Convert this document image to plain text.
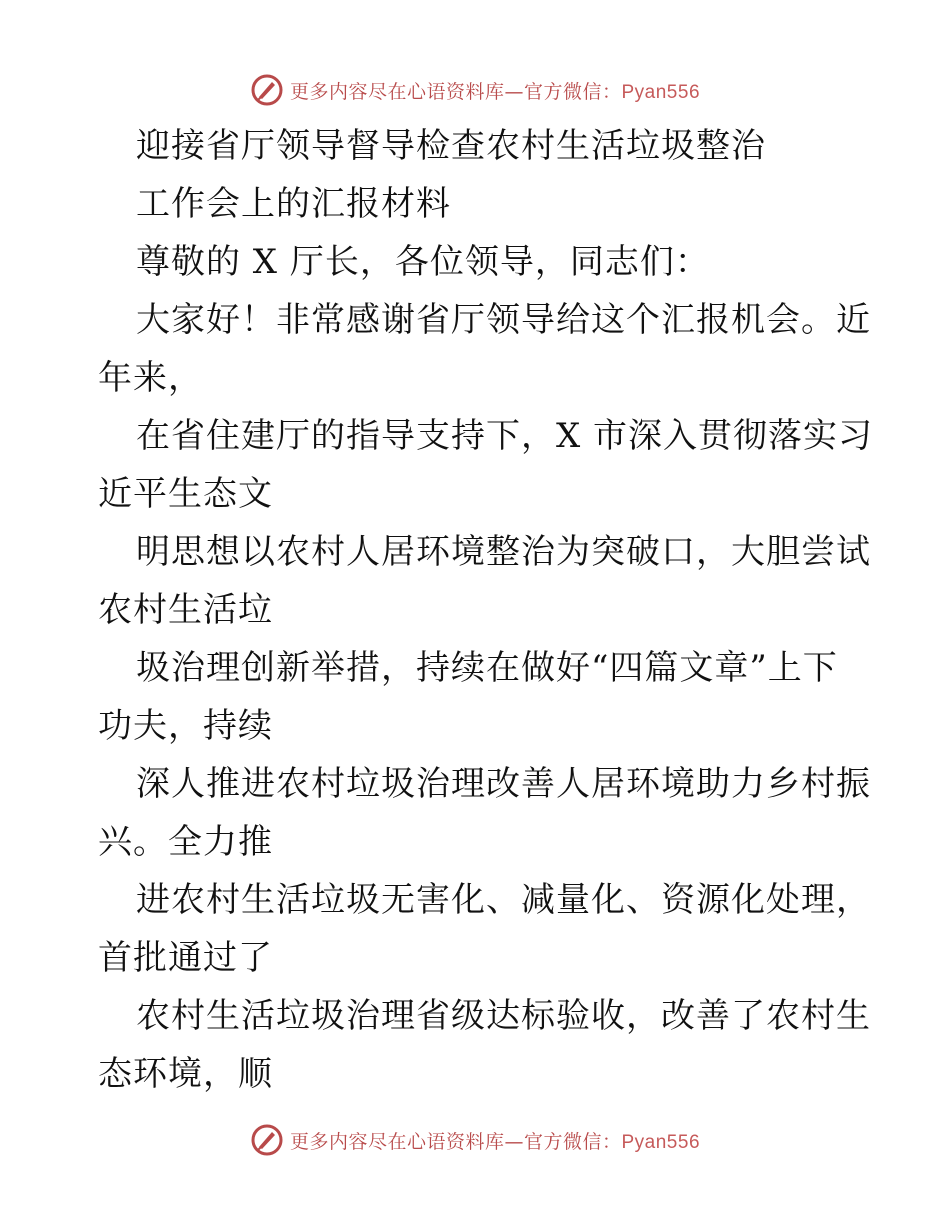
更多内容尽在心语资料库—官方微信：Pyan556
迎接省厅领导督导检查农村生活垃圾整治
工作会上的汇报材料
尊敬的 X 厅长，各位领导，同志们：
大家好！非常感谢省厅领导给这个汇报机会。近
年来，
在省住建厅的指导支持下，X 市深入贯彻落实习
近平生态文
明思想以农村人居环境整治为突破口，大胆尝试
农村生活垃
圾治理创新举措，持续在做好“四篇文章”上下
功夫，持续
深人推进农村垃圾治理改善人居环境助力乡村振
兴。全力推
进农村生活垃圾无害化、减量化、资源化处理，
首批通过了
农村生活垃圾治理省级达标验收，改善了农村生
态环境，顺
更多内容尽在心语资料库—官方微信：Pyan556
